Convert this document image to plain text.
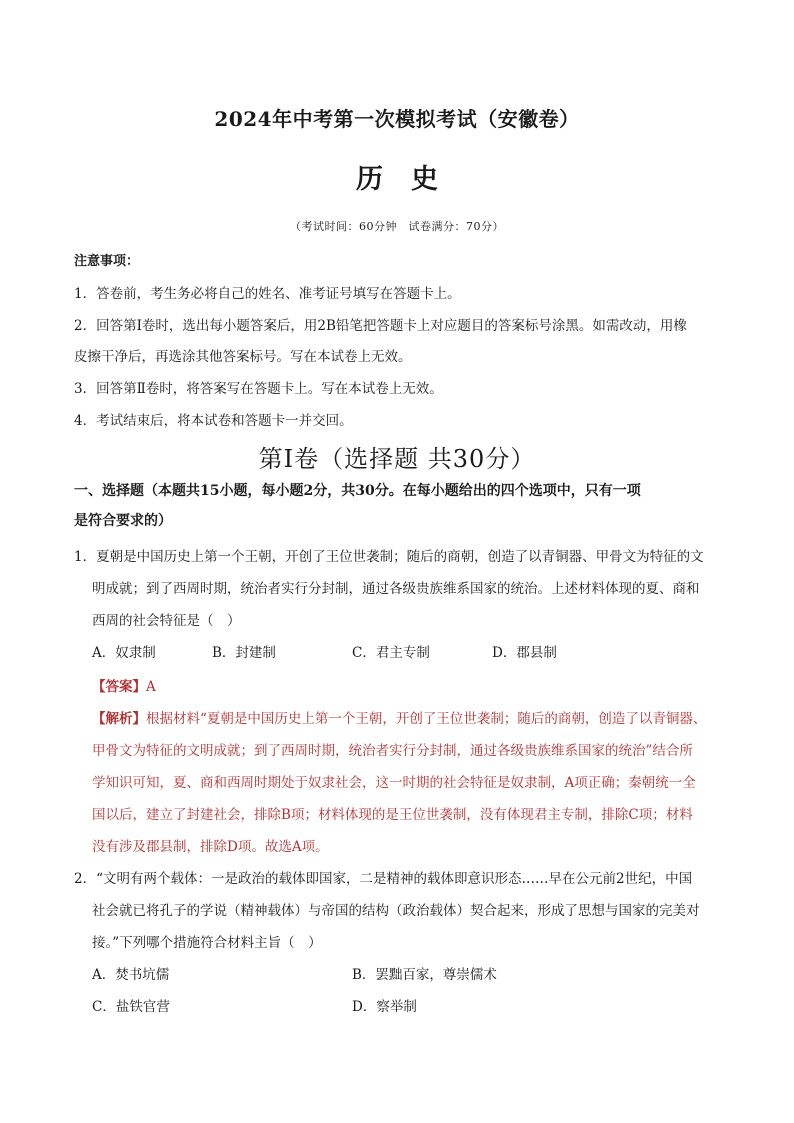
2024年中考第一次模拟考试（安徽卷）
历史
（考试时间：60分钟　试卷满分：70分）
注意事项：
1．答卷前，考生务必将自己的姓名、准考证号填写在答题卡上。
2．回答第Ⅰ卷时，选出每小题答案后，用2B铅笔把答题卡上对应题目的答案标号涂黑。如需改动，用橡
皮擦干净后，再选涂其他答案标号。写在本试卷上无效。
3．回答第Ⅱ卷时，将答案写在答题卡上。写在本试卷上无效。
4．考试结束后，将本试卷和答题卡一并交回。
第Ⅰ卷（选择题 共30分）
一、选择题（本题共15小题，每小题2分，共30分。在每小题给出的四个选项中，只有一项
是符合要求的）
1．夏朝是中国历史上第一个王朝，开创了王位世袭制；随后的商朝，创造了以青铜器、甲骨文为特征的文
明成就；到了西周时期，统治者实行分封制，通过各级贵族维系国家的统治。上述材料体现的夏、商和
西周的社会特征是（　）
A．奴隶制	B．封建制	C．君主专制	D．郡县制
【答案】A
【解析】根据材料“夏朝是中国历史上第一个王朝，开创了王位世袭制；随后的商朝，创造了以青铜器、
甲骨文为特征的文明成就；到了西周时期，统治者实行分封制，通过各级贵族维系国家的统治”结合所
学知识可知，夏、商和西周时期处于奴隶社会，这一时期的社会特征是奴隶制，A项正确；秦朝统一全
国以后，建立了封建社会，排除B项；材料体现的是王位世袭制，没有体现君主专制，排除C项；材料
没有涉及郡县制，排除D项。故选A项。
2．“文明有两个载体：一是政治的载体即国家，二是精神的载体即意识形态……早在公元前2世纪，中国
社会就已将孔子的学说（精神载体）与帝国的结构（政治载体）契合起来，形成了思想与国家的完美对
接。”下列哪个措施符合材料主旨（　）
A．焚书坑儒	B．罢黜百家，尊崇儒术
C．盐铁官营	D．察举制
